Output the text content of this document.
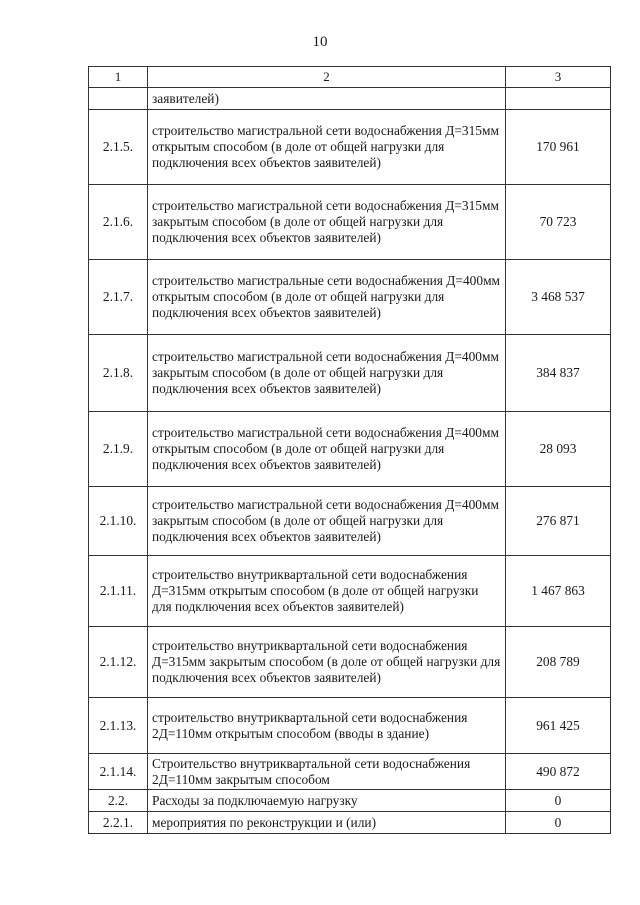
10
1	2	3
	заявителей)	
2.1.5.	строительство магистральной сети водоснабжения Д=315мм открытым способом (в доле от общей нагрузки для подключения всех объектов заявителей)	170 961
2.1.6.	строительство магистральной сети водоснабжения Д=315мм закрытым способом (в доле от общей нагрузки для подключения всех объектов заявителей)	70 723
2.1.7.	строительство магистральные сети водоснабжения Д=400мм открытым способом (в доле от общей нагрузки для подключения всех объектов заявителей)	3 468 537
2.1.8.	строительство магистральной сети водоснабжения Д=400мм закрытым способом (в доле от общей нагрузки для подключения всех объектов заявителей)	384 837
2.1.9.	строительство магистральной сети водоснабжения Д=400мм открытым способом (в доле от общей нагрузки для подключения всех объектов заявителей)	28 093
2.1.10.	строительство магистральной сети водоснабжения Д=400мм закрытым способом (в доле от общей нагрузки для подключения всех объектов заявителей)	276 871
2.1.11.	строительство внутриквартальной сети водоснабжения Д=315мм открытым способом (в доле от общей нагрузки для подключения всех объектов заявителей)	1 467 863
2.1.12.	строительство внутриквартальной сети водоснабжения Д=315мм закрытым способом (в доле от общей нагрузки для подключения всех объектов заявителей)	208 789
2.1.13.	строительство внутриквартальной сети водоснабжения 2Д=110мм открытым способом (вводы в здание)	961 425
2.1.14.	Строительство внутриквартальной сети водоснабжения 2Д=110мм закрытым способом	490 872
2.2.	Расходы за подключаемую нагрузку	0
2.2.1.	мероприятия по реконструкции и (или)	0
